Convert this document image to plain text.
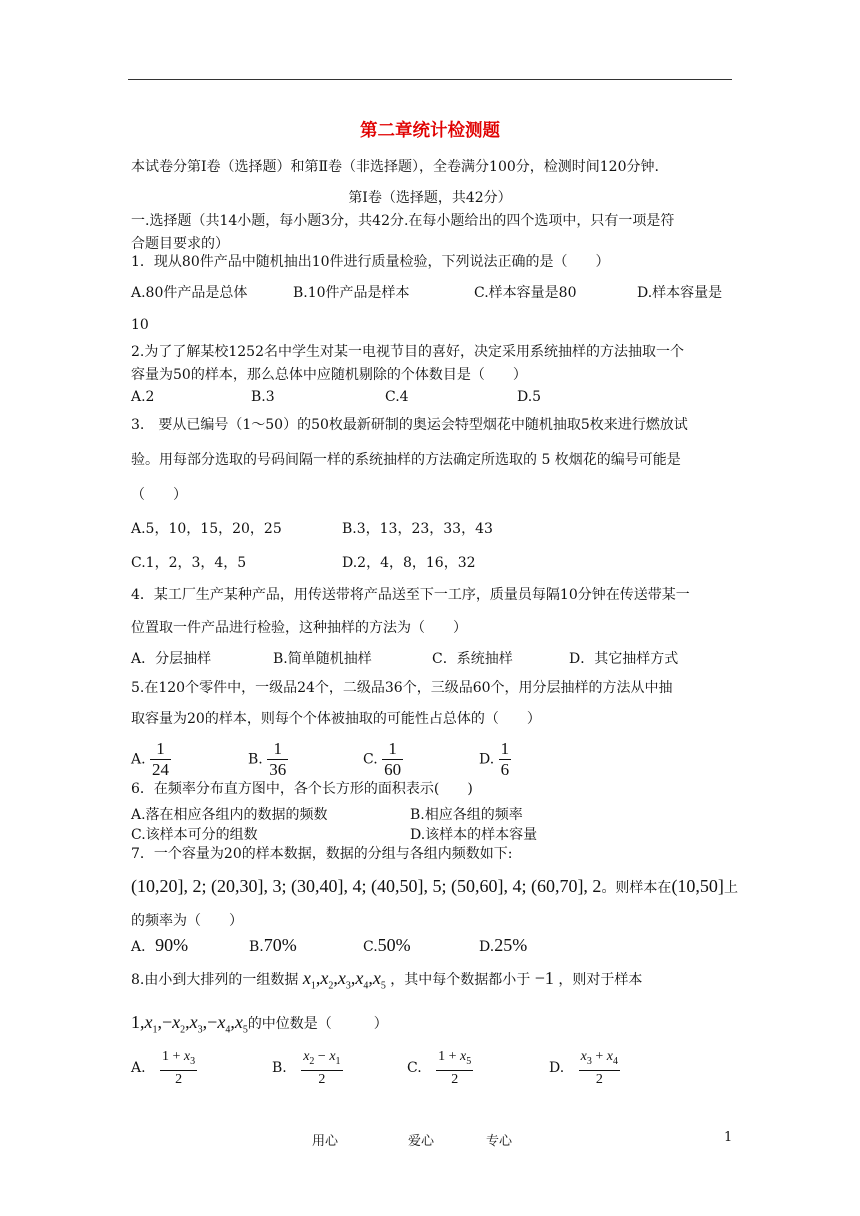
第二章统计检测题
本试卷分第Ⅰ卷（选择题）和第Ⅱ卷（非选择题），全卷满分100分，检测时间120分钟.
第Ⅰ卷（选择题，共42分）
一.选择题（共14小题，每小题3分，共42分.在每小题给出的四个选项中，只有一项是符
合题目要求的）
1．现从80件产品中随机抽出10件进行质量检验，下列说法正确的是（　　）
A.80件产品是总体	B.10件产品是样本	C.样本容量是80	D.样本容量是
10
2.为了了解某校1252名中学生对某一电视节目的喜好，决定采用系统抽样的方法抽取一个
容量为50的样本，那么总体中应随机剔除的个体数目是（　　）
A.2	B.3	C.4	D.5
3.　要从已编号（1～50）的50枚最新研制的奥运会特型烟花中随机抽取5枚来进行燃放试
验。用每部分选取的号码间隔一样的系统抽样的方法确定所选取的 5 枚烟花的编号可能是
（　　）
A.5，10，15，20，25	B.3，13，23，33，43
C.1，2，3，4，5	D.2，4，8，16，32
4．某工厂生产某种产品，用传送带将产品送至下一工序，质量员每隔10分钟在传送带某一
位置取一件产品进行检验，这种抽样的方法为（　　）
A．分层抽样	B.简单随机抽样	C．系统抽样	D．其它抽样方式
5.在120个零件中，一级品24个，二级品36个，三级品60个，用分层抽样的方法从中抽
取容量为20的样本，则每个个体被抽取的可能性占总体的（　　）
A. $\frac{1}{24}$	B. $\frac{1}{36}$	C. $\frac{1}{60}$	D. $\frac{1}{6}$
6．在频率分布直方图中，各个长方形的面积表示(　　)
A.落在相应各组内的数据的频数	B.相应各组的频率
C.该样本可分的组数	D.该样本的样本容量
7．一个容量为20的样本数据，数据的分组与各组内频数如下:
(10,20], 2; (20,30], 3; (30,40], 4; (40,50], 5; (50,60], 4; (60,70], 2。则样本在(10,50]上
的频率为（　　）
A．90%	B.70%	C.50%	D.25%
8.由小到大排列的一组数据 $x_1,x_2,x_3,x_4,x_5$ ，其中每个数据都小于 −1 ，则对于样本
$1,x_1,-x_2,x_3,-x_4,x_5$的中位数是（　　　）
A. $\frac{1 + x_3}{2}$	B. $\frac{x_2 - x_1}{2}$	C. $\frac{1 + x_5}{2}$	D. $\frac{x_3 + x_4}{2}$
用心	爱心	专心	1
